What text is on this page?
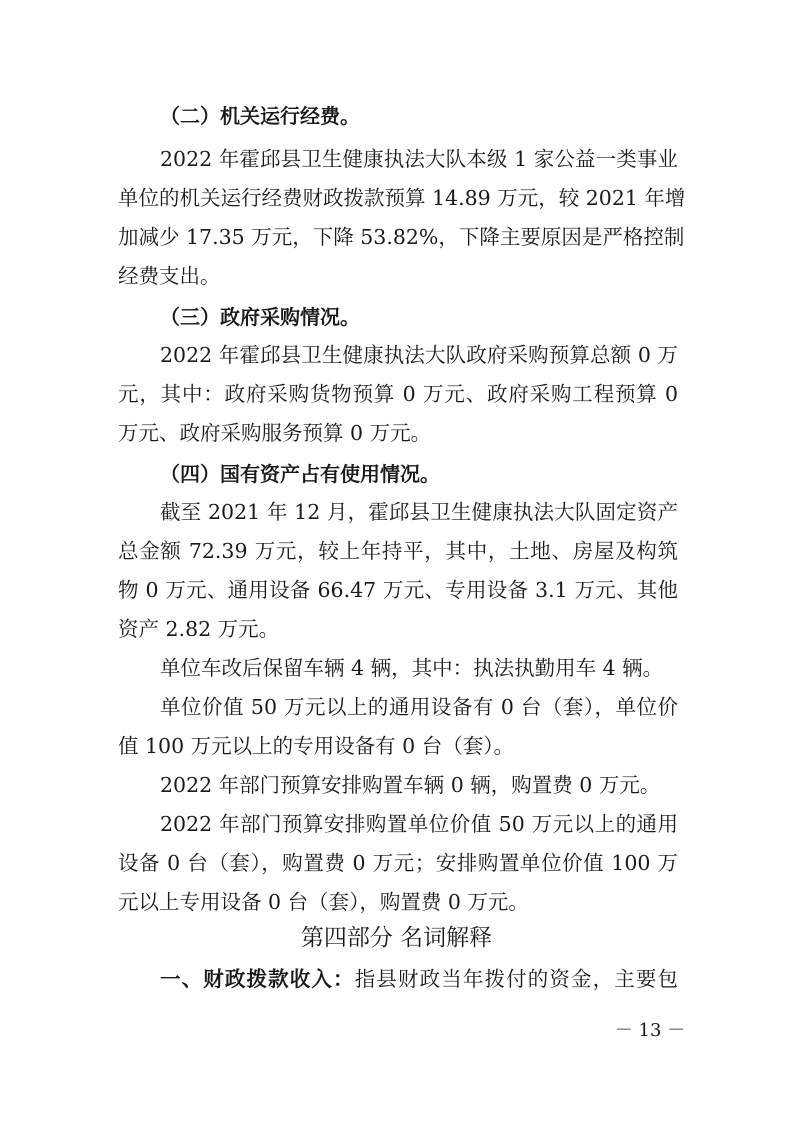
（二）机关运行经费。
2022 年霍邱县卫生健康执法大队本级 1 家公益一类事业
单位的机关运行经费财政拨款预算 14.89 万元，较 2021 年增
加减少 17.35 万元，下降 53.82%，下降主要原因是严格控制
经费支出。
（三）政府采购情况。
2022 年霍邱县卫生健康执法大队政府采购预算总额 0 万
元，其中：政府采购货物预算 0 万元、政府采购工程预算 0
万元、政府采购服务预算 0 万元。
（四）国有资产占有使用情况。
截至 2021 年 12 月，霍邱县卫生健康执法大队固定资产
总金额 72.39 万元，较上年持平，其中，土地、房屋及构筑
物 0 万元、通用设备 66.47 万元、专用设备 3.1 万元、其他
资产 2.82 万元。
单位车改后保留车辆 4 辆，其中：执法执勤用车 4 辆。
单位价值 50 万元以上的通用设备有 0 台（套），单位价
值 100 万元以上的专用设备有 0 台（套）。
2022 年部门预算安排购置车辆 0 辆，购置费 0 万元。
2022 年部门预算安排购置单位价值 50 万元以上的通用
设备 0 台（套），购置费 0 万元；安排购置单位价值 100 万
元以上专用设备 0 台（套），购置费 0 万元。
第四部分 名词解释
一、财政拨款收入：指县财政当年拨付的资金，主要包
－ 13 －
